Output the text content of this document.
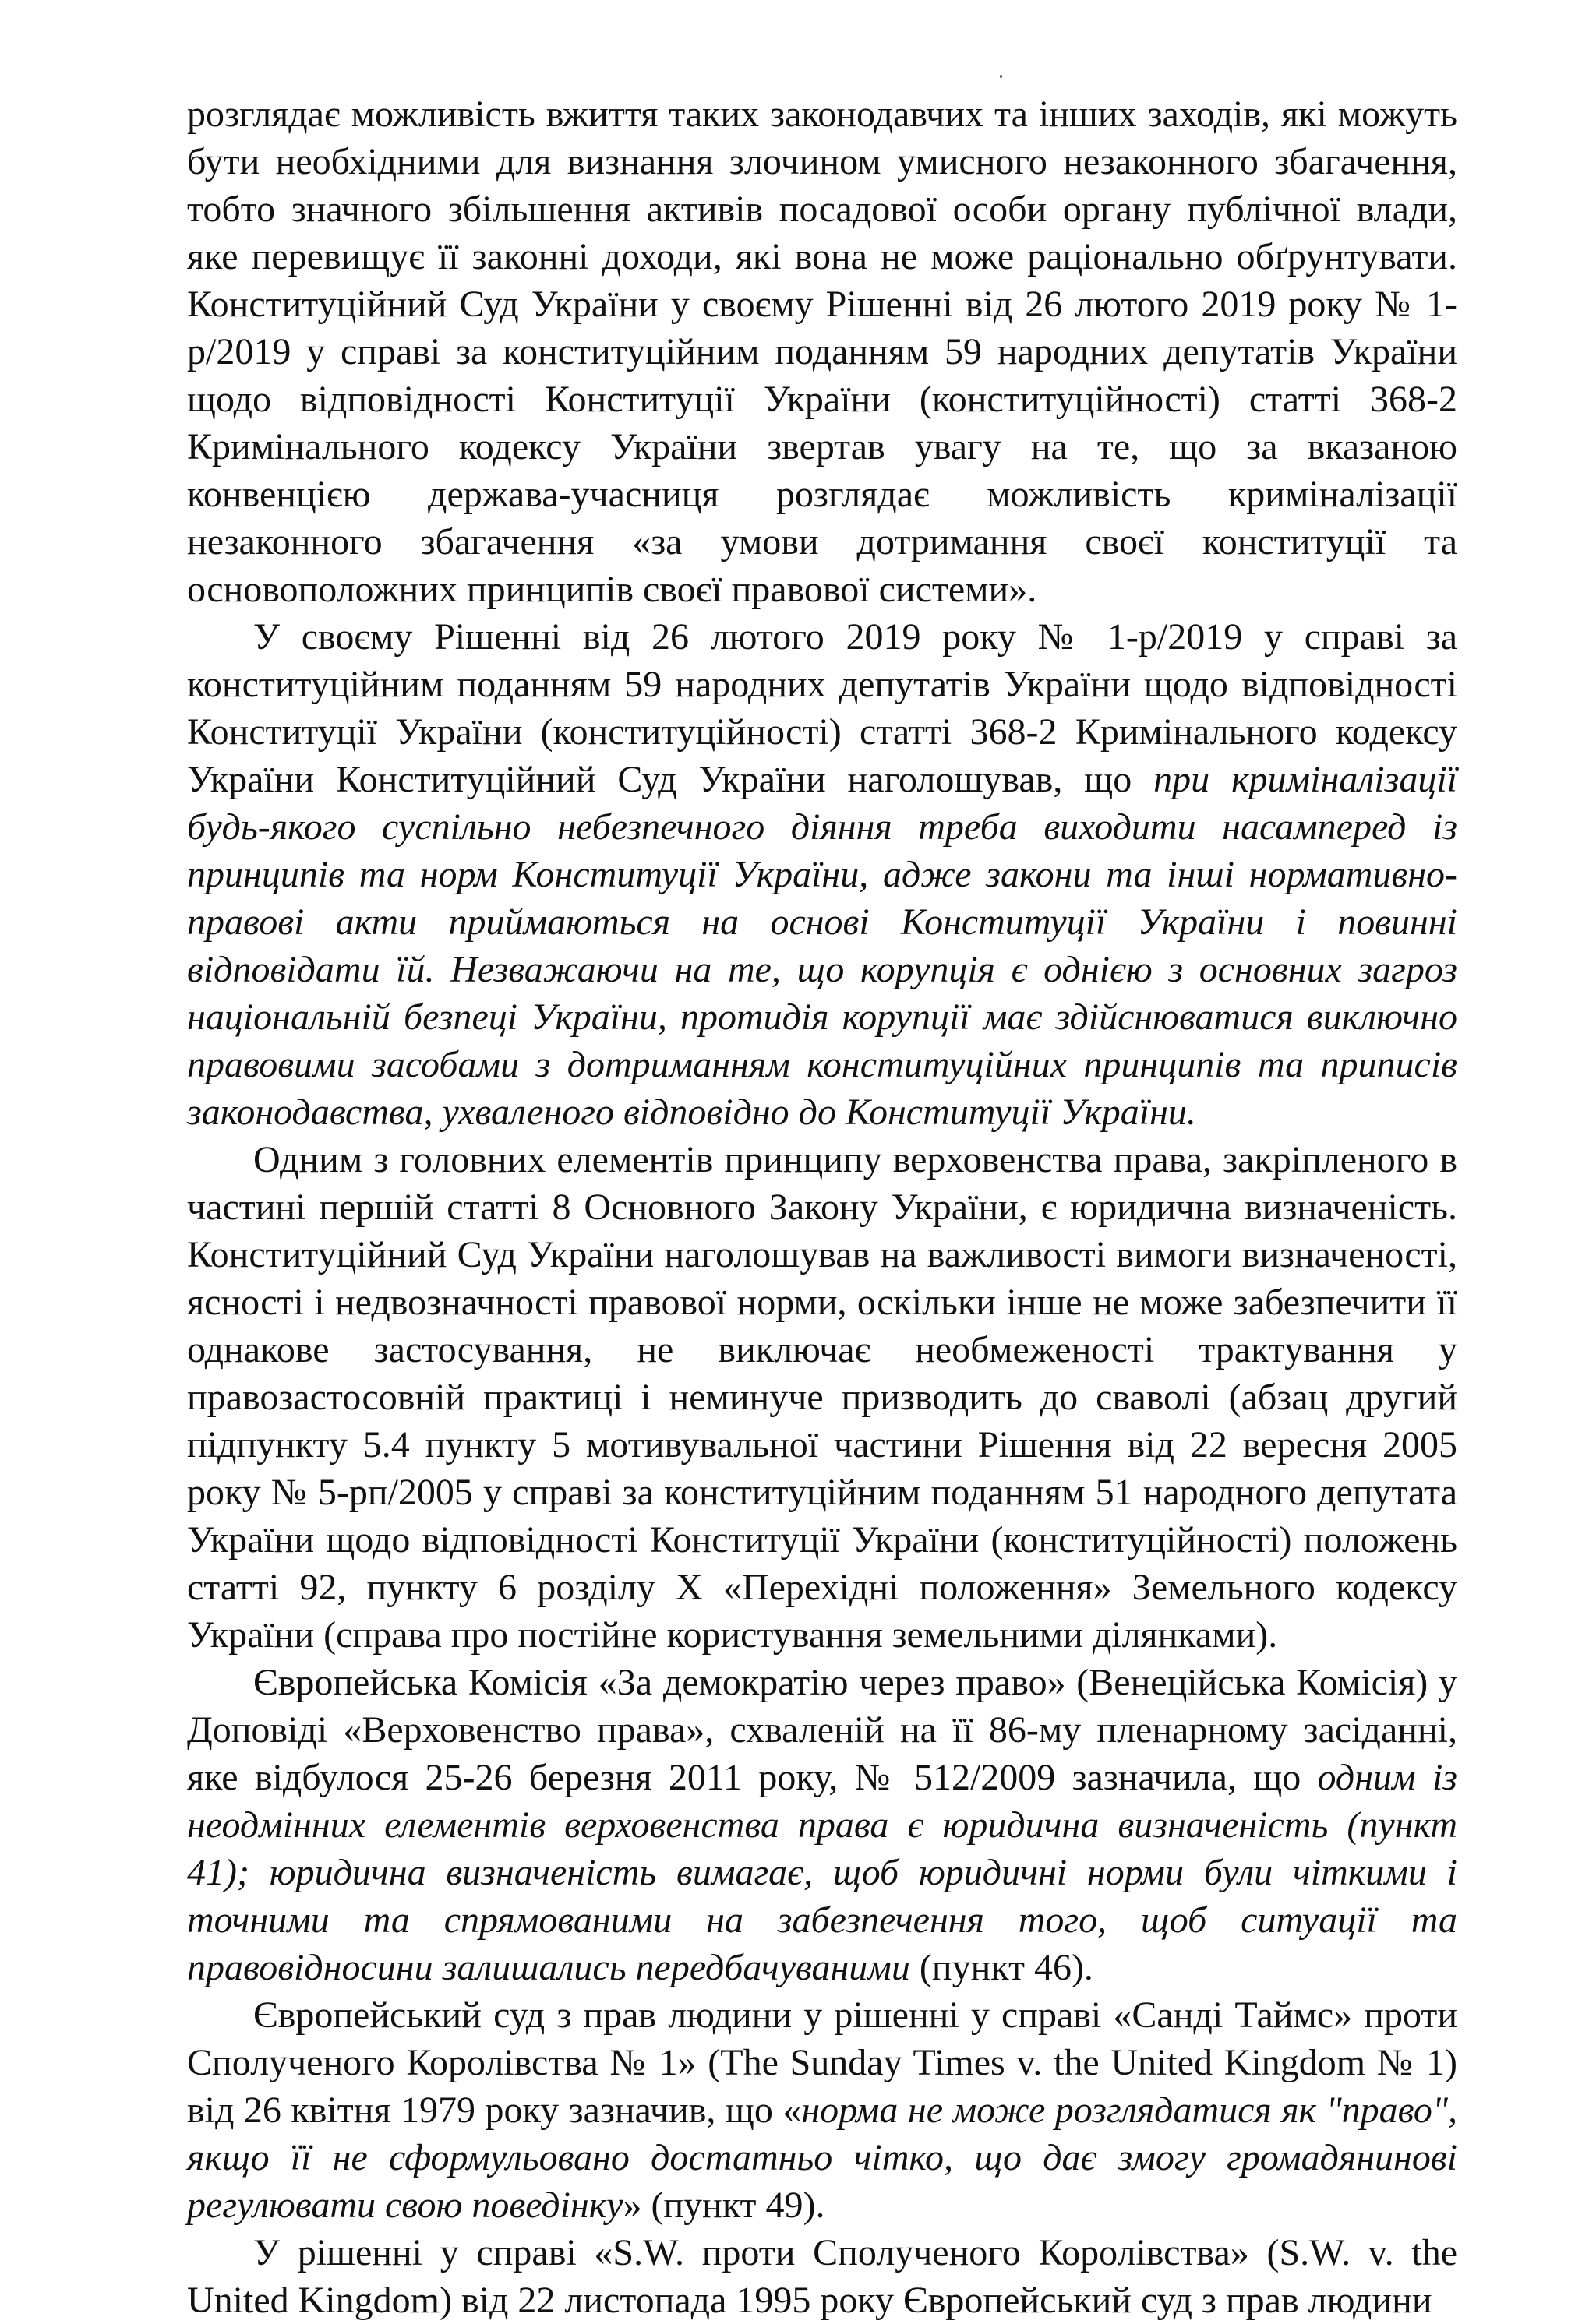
розглядає можливість вжиття таких законодавчих та інших заходів, які можуть бути необхідними для визнання злочином умисного незаконного збагачення, тобто значного збільшення активів посадової особи органу публічної влади, яке перевищує її законні доходи, які вона не може раціонально обґрунтувати. Конституційний Суд України у своєму Рішенні від 26 лютого 2019 року № 1-р/2019 у справі за конституційним поданням 59 народних депутатів України щодо відповідності Конституції України (конституційності) статті 368-2 Кримінального кодексу України звертав увагу на те, що за вказаною конвенцією держава-учасниця розглядає можливість криміналізації незаконного збагачення «за умови дотримання своєї конституції та основоположних принципів своєї правової системи».

У своєму Рішенні від 26 лютого 2019 року № 1-р/2019 у справі за конституційним поданням 59 народних депутатів України щодо відповідності Конституції України (конституційності) статті 368-2 Кримінального кодексу України Конституційний Суд України наголошував, що при криміналізації будь-якого суспільно небезпечного діяння треба виходити насамперед із принципів та норм Конституції України, адже закони та інші нормативно-правові акти приймаються на основі Конституції України і повинні відповідати їй. Незважаючи на те, що корупція є однією з основних загроз національній безпеці України, протидія корупції має здійснюватися виключно правовими засобами з дотриманням конституційних принципів та приписів законодавства, ухваленого відповідно до Конституції України.

Одним з головних елементів принципу верховенства права, закріпленого в частині першій статті 8 Основного Закону України, є юридична визначеність. Конституційний Суд України наголошував на важливості вимоги визначеності, ясності і недвозначності правової норми, оскільки інше не може забезпечити її однакове застосування, не виключає необмеженості трактування у правозастосовній практиці і неминуче призводить до сваволі (абзац другий підпункту 5.4 пункту 5 мотивувальної частини Рішення від 22 вересня 2005 року № 5-рп/2005 у справі за конституційним поданням 51 народного депутата України щодо відповідності Конституції України (конституційності) положень статті 92, пункту 6 розділу X «Перехідні положення» Земельного кодексу України (справа про постійне користування земельними ділянками).

Європейська Комісія «За демократію через право» (Венеційська Комісія) у Доповіді «Верховенство права», схваленій на її 86-му пленарному засіданні, яке відбулося 25-26 березня 2011 року, № 512/2009 зазначила, що одним із неодмінних елементів верховенства права є юридична визначеність (пункт 41); юридична визначеність вимагає, щоб юридичні норми були чіткими і точними та спрямованими на забезпечення того, щоб ситуації та правовідносини залишались передбачуваними (пункт 46).

Європейський суд з прав людини у рішенні у справі «Санді Таймс» проти Сполученого Королівства № 1» (The Sunday Times v. the United Kingdom № 1) від 26 квітня 1979 року зазначив, що «норма не може розглядатися як "право", якщо її не сформульовано достатньо чітко, що дає змогу громадянинові регулювати свою поведінку» (пункт 49).

У рішенні у справі «S.W. проти Сполученого Королівства» (S.W. v. the United Kingdom) від 22 листопада 1995 року Європейський суд з прав людини
